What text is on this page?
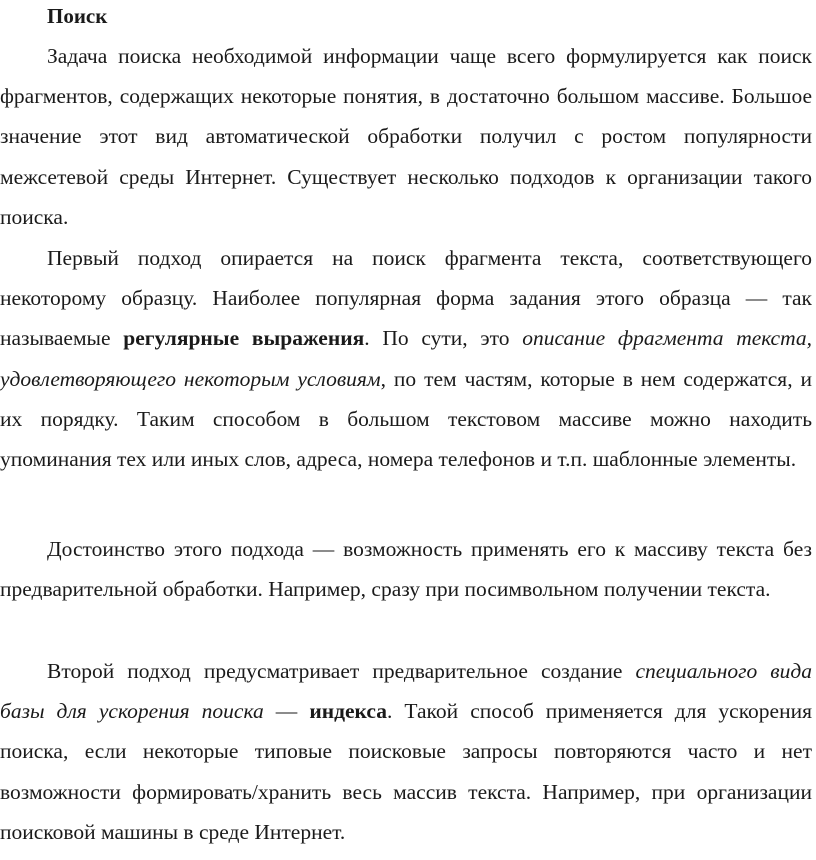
Поиск

Задача поиска необходимой информации чаще всего формулируется как поиск фрагментов, содержащих некоторые понятия, в достаточно большом массиве. Большое значение этот вид автоматической обработки получил с ростом популярности межсетевой среды Интернет. Существует несколько подходов к организации такого поиска.

Первый подход опирается на поиск фрагмента текста, соответствующего некоторому образцу. Наиболее популярная форма задания этого образца — так называемые регулярные выражения. По сути, это описание фрагмента текста, удовлетворяющего некоторым условиям, по тем частям, которые в нем содержатся, и их порядку. Таким способом в большом текстовом массиве можно находить упоминания тех или иных слов, адреса, номера телефонов и т.п. шаблонные элементы.

Достоинство этого подхода — возможность применять его к массиву текста без предварительной обработки. Например, сразу при посимвольном получении текста.

Второй подход предусматривает предварительное создание специального вида базы для ускорения поиска — индекса. Такой способ применяется для ускорения поиска, если некоторые типовые поисковые запросы повторяются часто и нет возможности формировать/хранить весь массив текста. Например, при организации поисковой машины в среде Интернет.
